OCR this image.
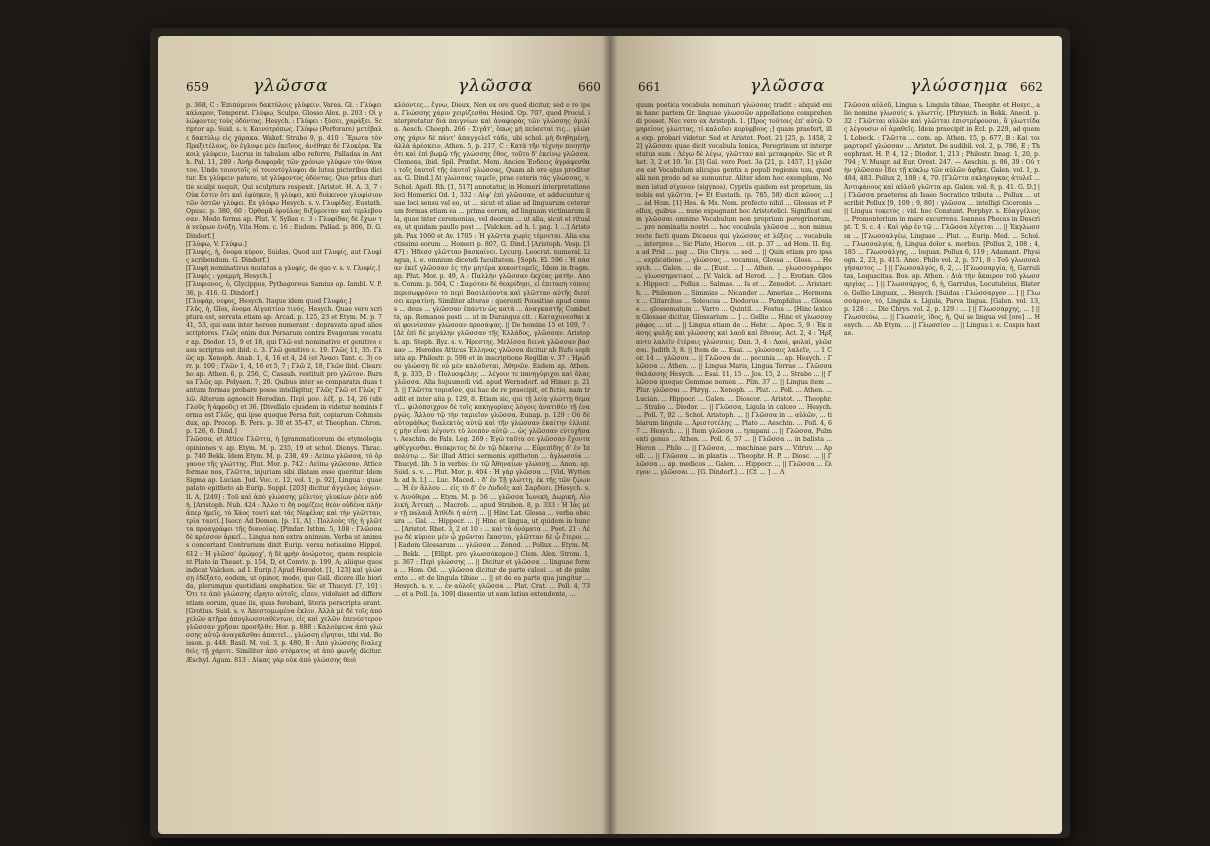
659	γλῶσσα	γλῶσσα	660
p. 368, C : Ἐπιπόμενοι δακτύλοις γλύφειν. Varea. Gl. : Γλύφει κάλαμον, Temperat. Γλύφω, Sculpo. Glosso Alex. p. 203 : Οἱ γλώφοντες τοὺς ὀδόντας. Hesych. : Γλύφει : ξύσει, χαράξει. Scriptor ap. Suid. s. v. Καινοτρόπως. Γλύφω (Perforare) μετέβαλε δακτύλῳ εἰς χάρακα. Wakef. Strabo 9, p. 410 : Ἔρωτα τὸν Πραξιτέλους, ὃν ἐγλυψε μὲν ἐκεῖνος, ἀνέθηκε δὲ Γλυκέρα. Ἐκκοιλ γλύφειν, Lucrus in tabulam albo referre, Palladas in Anth. Pal. 11, 289 : Ἀνὴρ διαφορᾶς τῶν χρόνων γλύφων τὸν θάνατον. Unde τοιουτοῖς οἱ τοιουτόγλυφοι de lutea pictoribus dicitur. Ex γλύφειν patere, ut γλύφοντος ὀδόντας. Quo prius duritie scalpi nequit, Qui sculptura respexit. [Aristot. H. A. 3, 7 : Οὐκ ἔστιν ὅτι καὶ ἐφύηκεν, ἢ γλύφει, καὶ διάκενον γλυφίσιον τῶν ὀστῶν γλύφει. Ex γλύφω Hesych. s. v. Γλυφίδες. Eustath. Opusc. p. 380, 60 : Ὀρθομᾶ ὀρούλας διξύμοιταν καὶ τερλεβουσαν. Modo forma ap. Plut. V. Syllae c. 3 : Γλυφίδας δὲ ἔχων τὰ νεύρων ἐνόξη. Vita Hom. c. 16 : Eudem. Pallad. p. 806, D. G. Dindorf.]
[Γλύφω, V. Γλύφω.]
[Γλυφίς, ἡ, ὄνομα κύρον, Suidas. Quod aut Γλυφίς, aut Γλυφίς scribendum. G. Dindorf.]
[Γλυφὴ nominativus mutatus a γλυφίς, de quo v. s. v. Γλυφίς.]
[Γλυφὶς : γραμμὴ, Hesych.]
[Γλυφιονος, ὁ, Glycippus, Pythagoreus Samius ap. Iambl. V. P. 36, p. 416. G. Dindorf.]
[Γλυφάρ, νεφος, Hesych. Itaque idem quod Γλυφάς.]
Γλῦς, ἡ, Glos, ὄνομα Αἰγυπτίου τινός. Hesych. Quae vero scriptura est, servata etiam ap. Arcad. p. 125, 23 et Etym. M. p. 741, 53, qui eam inter heroes numerant : depravata apud alios scriptores. Γλῶς enim dux Persarum contra Evagoram vocatur ap. Diodor. 15, 9 et 18, qui Γλῶ est nominativo et genitivo casu scriptus est ibid. c. 3. Γλῶ genitivo c. 19. Γλῶς 11, 35. Γλῶς ap. Xenoph. Anab. 1, 4, 16 et 4, 24 (et Ἄνασι Tant. c. 3) corr. p. 100 ; Γλῶν 1, 4, 16 et 5, 7 ; Γλῶ 2, 18, Γλῶν ibid. Clearcho ap. Athen. 6, p. 256, C, Casaub. restituit pro γλῶτον. Bursus Γλῶς ap. Polyaen. 7, 20. Quibus inter se comparatis duas tantum formas probare posse intelligitur, Γλῶς Γλῶ et Γλῶς Γλῶ. Alterum agnoscit Herodian. Περὶ μον. λέξ. p. 14, 26 (ubi Γλοῦς ἢ ἀφροῦς) et 36. [Divellalo cjusdem in videtur nominis forma est Γλῶς, qui ipse quoque Persa fuit, copiarum Cohmsis dux, ap. Procop. B. Pers. p. 30 et 35-47, et Theophan. Chron. p. 126, 6. Dind.]
Γλῶσσα, et Attice Γλῶττα, ἡ [grammaticorum de etymologia opiniones v. ap. Etym. M. p. 235, 19 et schol. Dionys. Thrac. p. 740 Bekk. Idem Etym. M. p. 238, 49 : Λείπω γλῶσσα, τὸ ὄργανον τῆς γλώττης. Plut. Mor. p. 742 : Λείπω γλῶσσαν. Attice formae nos, Γλῶττα, injuriam sibi illatam esse queritur Idem Sigma ap. Lucian. Jud. Voc. c. 12, vol. 1, p. 92], Lingua : quae palato epitheto ab Eurip. Suppl. [203] dicitur ἄγγελος λόγων. Il. A, [249] : Τοῦ καὶ ἀπὸ γλώσσης μέλιτος γλυκίων ῥέεν αὐδή. [Aristoph. Nub. 424 : Ἄλλο τι δὴ νομίζεις θεὸν οὐδένα πλὴν ἅπερ ἡμεῖς, τὸ Χάος τουτὶ καὶ τὰς Νεφέλας καὶ τὴν γλῶτταν, τρία ταυτί.] Isocr. Ad Demon. [p. 11, A] : Πολλοὺς τῆς ἡ γλῶττα προαγράφει τῆς διανοίας. [Pindar. Isthm. 5, 108 : Γλῶσσα δὲ κρέσσον ἀρκεῖ... Lingua non extra animum. Verba ut animus concertant Contrarium dixit Eurip. versu notissimo Hippol. 612 : Ἡ γλῶσσ' ὀμώμοχ', ἡ δὲ φρὴν ἀνώμοτος, quem respicient Plato in Theaet. p. 154, D, et Conviv. p. 199, A; aliique quos indicat Valcken. ad I. Eurip.] Apud Herodot. [1, 123] καὶ γλώσσῃ ἐδέξατο, eodem, ut opinor, modo, quo Gall. dicere ille biorida, plerumque quotidiani emphatice. Sic et Thucyd. [7, 10] : Ὅτι τε ἀπὸ γλώσσης εἴρητο αὐτοῖς, εἶπεν, vidoluiet ad differentiam eorum, quae iis, quas ferebant, literis perscripta erant. [Grotius. Suid. s. v. Ἀπεστομωμένα ἐκλιν. Ἀλλὰ μὲ δὲ τοῖς ἀπό χελῶν κτῆμα ἀπογλωσσιαθέντων, εἰς καὶ χελῶν ἐπενέστερον γλῶσσαν χρῆσαι προσῆλθε: Hor. p. 888 : Καλούμενα ἀπὸ γλώσσης αὐτῷ ἀναγκᾶσθαι ἀπαιτεῖ... γλώσσῃ εἴρηται, tibi vid. Boisson. p. 448. Basil. M. vol. 3, p. 480, B : Ἀπὸ γλώσσης διαλεχθεὶς τῇ χάριτι. Similiter ἀπὸ στόματος et ἀπὸ φωνῆς dicitur. Æschyl. Agam. 813 : Δίκας γὰρ οὐκ ἀπὸ γλώσσης θεοὶ
κλύοντες... ἔγνω, Dieux, Non ex ore quod dicitur, sed e re ipsa. Γλώσσης χάριν χειρίζεσθαι Hesiod. Op. 707, quod Procul. interpretatur διὰ παιγνίων καὶ ἀναφοράς τῶν γλώσσης ὁμιλίᾳ. Aesch. Choeph. 266 : Σιγᾶτ', ὅπως μὴ πεύσεταί τις... γλώσσης χάριν δὲ πάντ' ἀπαγγελεῖ τάδε, ubi schol. μὴ διηθημένῃ, ἀλλὰ ἀρέσκειν. Athen. 5, p. 217, C : Κατὰ τῆν τέχνην ποιητὴν ὅτι καὶ ἐπὶ βωμῷ τῆς γλώσσης ἔθος, τοῦτο δ' ἐκείνῳ γλῶσσα. Clemens, ibid. Spil. Præfat. Mem. Ancien Ἐνδεεις ἀγράφεσθαι τοῖς ἑαυτοῖ τῆς ἑαυτοῖ γλώσσας, Quam ab ore ejus proditeras. G. Dind.] At γλώσσας ταμεῖν, prae ceteris τάς γλώσσας, v. Schol. Apoll. Rh. [1, 517] annotatur, in Homeri interpretatione loci Homerici Od. 1, 332 : Αἰψ' ἐπὶ γλῶσσαν, et adducuntur quae loci sensu vel eo, ut ... sicut et aliae ad linguarum ceterarum formas etiam ea ... prima eorum, ad linguam victimarum illa, quae inter ceremonias, vel deorum ... ut alia, sicut et rituales, ut quidam paullo post ... [Valcken. ad h. l. pag. 1 ...] Aristoph. Pax 1060 et Av. 1705 : Ἡ γλῶττα χωρὶς τέμνεται. Alia exactissimi eorum ... Homeri p. 807, G. Dind.] [Aristoph. Vesp. [347] : Ἡδεσσ γλῶτταν βασκαίνει. Lycurg. Leocrat. numeral. Lingua, i. e. omnium dicendi facultatem. [Soph. El. 596 : Ἡ πάσαν ἐκεῖ γλῶσσαν ἐς τὴν μητέρα κακοστομεῖς, Idem in fragm. ap. Plut. Mor. p. 49, A : Παλλὴν γλῶσσαν ἐκχέας ματήν. Anon. Comm. p. 504, C : Σαμόταν δὲ θεαρίδησι, εἰ ἐπιταση τόποις περισωφρόνιν τὸ περὶ Βασιλεύοντα καὶ γλῶτταν αὐτῆς διεσίσει κερατίνῃ. Similiter alterae : querenti Poissitiae apud comes ... deus ... γλῶσσαν ἐπάντυ ὡς κατὰ ... ἀναγκαστῆς Combetts, ap. Romanos posti ... ut in Durangus cit. : Καταχυνεσθαι καὶ φοινίσσαν γλώσσαν προσάψας. || De homine 15 et 109, 7 : [Δὲ ἐπὶ δὲ μεγάλην γλῶσσαν τῆς Ἑλλάδος, γλῶσσαν. Aristoph. ap. Steph. Byz. s. v. Ἠρεστης. Μελίσσα δεινὰ γλῶσσαν βασκαν ... Herodes Atticus Ἑλληνας γλῶσσα dicitur ab Rufo sophista ap. Philostr. p. 598 et in inscriptione Regillæ v. 37 : Ἡρώδου γλώσσῃ δὲ οὐ μὲν καλοῦνται, Ἀθηνῶν. Eadem ap. Athen. 8, p. 335, D : Πολυσφέλης ... λέγοιν τε πανηγύριχοι καὶ ὅλας γλῶσσα. Alia hujusmodi vid. apud Wernsdorf. ad Himer. p. 213. || Γλῶττα τομιαῖον, qui hac de re praecipit, et fictio, nam tradit et inter alia p. 129, 8. Etiam sic, qui τῇ λείᾳ γλώττῃ θεματῖ... φιλόπσιχρον δὲ τοῖς κακηγορίαις λόγοις ἀνατιθέν τῇ ἐναργώς. Ἄλλου τῷ τὴν ταμιεῖον γλῶσσα. Eunap. p. 129 : Οὐ δὲ αὐτομάθως διαλεκτὸς αὐτῷ καὶ τῆν γλώσσαν ἐκαίτην ἑλλιπὲς μὴν εἶναι λέγοντι τὸ λοιπὸν αὐτῷ ... ὡς γλῶσσαν εὐτυχῆσαι. Aeschin. de Fals. Leg. 269 : Ἐγὼ ταῦτα σε γλῶσσαν ἔχοντα φθέγγεσθαι. Θεόκριτος δὲ ἐν τῷ δέκατῳ ... Εὐριπίδης δ' ἐν Ἱππολύτῳ ... Sic illud Attici sermonis epitheton ... ἀγλωσσία ... Thucyd. lib. 5 in verbis: ἐν τῷ Ἀθηναίων γλώσσῃ ... Anon. ap. Suid. s. v. ... Plut. Mor. p. 404 : Ἡ γὰρ γλῶσσα ... [Vid. Wyttenb. ad h. l.] ... Luc. Maced. : δ' ἐν Τῇ γλώττῃ, ἐκ τῆς τῶν ζῴων ... Ἡ ἐν ἄλλου ... εἰς τὸ δ' ἐν Λυδοῖς καὶ Σαρδεσι. [Hesych. s. v. Λινόθερα ... Etym. M. p. 56 ... γλῶσσα Ἰωνική, Δωρική, Αἰολική, Ἀττική ... Macrob. ... apud Strabon. 8, p. 333 : Ἡ Ἰὰς μὲν τῇ παλαιᾷ Ἀτθίδι ἡ αὐτή ... || Hinc Lat. Glossa ... verba obscura ... Gal. ... Hippocr. ... || Hinc et lingua, ut quidem in hunc ... [Aristot. Rhet. 3, 2 et 10 : ... καὶ τὰ ὀνόματα ... Poet. 21 : Λέγω δὲ κύριον μὲν ᾧ χρῶνται ἕκαστοι, γλῶτταν δὲ ᾧ ἕτεροι ... ] Eadem Glossarum ... γλῶσσα ... Zenod. ... Pollux ... Etym. M. ... Bekk. ... [Ellipt. pro γλωσσόκομον.] Clem. Alex. Strom. 1, p. 367 : Περὶ γλώσσης ... || Dicitur et γλῶσσα ... linguae forma ... Hom. Od. ... γλῶσσα dicitur de parte calcei ... et de pulmento ... et de lingula tibiae ... || et de ea parte qua jungitur ... Hesych. s. v. ... ἐν αὐλοῖς γλῶσσα ... Plat. Crat. ... Poll. 4, 73 ... et a Poll. [a. 109] dissentio ut eam latius extendente, ...
661	γλῶσσα	γλώσσημα 662
quum poetica vocabula nominari γλώσσας tradit : aliquid enim hanc partem Gr. linguae γλωσσῶν appellatione comprehendi posset. Nec vero ex Aristoph. 1. [Προς τούτοις ἐπ' αὐτῷ. Ὁμηρείους γλώττας, τί καλοῦσι κορύμβους ;] quam praefert, illa exp. probari videtur. Sed et Aristot. Poet. 21 [25, p. 1458, 22] γλῶσσαι quae dicit vocabula Ionica, Peregrinum ut interpretatus sum : Λέγω δὲ λέγω, γλῶτταν καὶ μεταφοράν. Sic et Rhet. 3, 2 et 10. Ἰσ. [3] Gal. vero Poet. 3a [21, p. 1457, 1] γλῶσσα est Vocabulum alicujus gentis a populi regionis usu, quod alii non prodo ad se sumuntur. Aliter idem hoc exemplum, Nomen istud σίγυνον (sigynos), Cypriis quidem est proprium, iis nobis est γλῶττα. [= Et Eustath. (p. 785, 58) dicit κῶνος ...] ... ad Hom. [1] Hes. & Ms. Nom. profecto nihil ... Glossas et Pollux, quibus ... nune expugnant hoc Aristotelici. Significat enim γλῶσσαι omnino Vocabulum non proprium peregrinorum, ... pro nominatis nostri ... hoc vocabula γλῶσσα ... non minus recte facti quam Dicaeus qui γλώσσας et λέξεις ... vocabula ... interpres ... Sic Plato, Hieron ... cit. p. 37 ... ad Hom. II. Eq. a ad Prid ... pag ... Dio Chrys. ... sed ... || Quin etiam pro ipsa ... explicatione ... γλώσσας ... vocamus, Glossa ... Gloss. ... Hesych. ... Galen. ... de ... [Eust. ... ] ... Athen. ... γλωσσογράφοι ... γλωσσηματικοί ... [V. Valck. ad Herod. ... ] ... Erotian. Gloss. Hippocr. ... Pollux ... Salmas. ... Is et ... Zenodot. ... Aristarch. ... Philemon ... Simmias ... Nicander ... Amerias ... Hermonax ... Clitarchus ... Seleucus ... Diodorus ... Pamphilus ... Glossae ... glossematum ... Varro ... Quintil. ... Festus ... [Hinc lexicon Glossae dicitur, Glossarium ... ] ... Gellio ... Hinc et γλωσσογράφος ... ut ... || Lingua etiam de ... Hebr. ... Apoc. 5, 9 : Ἐκ πάσης φυλῆς καὶ γλώσσης καὶ λαοῦ καὶ ἔθνους. Act. 2, 4 : Ἤρξαντο λαλεῖν ἑτέραις γλώσσαις. Dan. 3, 4 : Λαοὶ, φυλαὶ, γλῶσσαι. Judith 3, 8. || Item de ... Esai. ... γλώσσαις λαλεῖν, ... 1 Cor. 14 ... γλῶσσα ... || Γλῶσσα de ... pecunia ... ap. Hesych. : Γλῶσσα ... Athen. ... || Lingua Maris, Lingua Terrae ... Γλῶσσα θαλάσσης Hesych. ... Esai. 11, 15 ... Jos. 15, 2 ... Strabo ... || Γλῶσσα quoque Gemmae nomen ... Plin. 37 ... || Lingua item ... Plur. γλῶσσαι ... Phryg. ... Xenoph. ... Plut. ... Poll. ... Athen. ... Lucian. ... Hippocr. ... Galen. ... Dioscor. ... Aristot. ... Theophr. ... Strabo ... Diodor. ... || Γλῶσσα, Ligula in calceo ... Hesych. ... Poll. 7, 92 ... Schol. Aristoph. ... || Γλῶσσα in ... αὐλῶν, ... tibiarum lingula ... Ἀριστοτέλης ... Plato ... Aeschin. ... Poll. 4, 67 ... Hesych. ... || Item γλῶσσα ... tympani ... || Γλῶσσα, Pulmenti genus ... Athen. ... Poll. 6, 57 ... || Γλῶσσα ... in balista ... Heron ... Philo ... || Γλῶσσα, ... machinae pars ... Vitruv. ... Apoll. ... || Γλῶσσα ... in plantis ... Theophr. H. P. ... Diosc. ... || Γλῶσσα ... ap. medicos ... Galen. ... Hippocr. ... || Γλῶσσα ... ἔλεγον ... γλῶσσαι ... [G. Dindorf.] ... [Cf. ... ] ... Λ
Γλῶσσα αὐλοῦ, Lingua s. Lingula tibiae, Theophr. et Hesyc., alio nomine γλωσσίς s. γλωττίς. [Phrynich. in Bekk. Anecd. p. 32 : Γλῶτται αὐλῶν καὶ γλῶτται ἐπιστρέφουσαι, ἃ γλωττίδας λέγουσιν οἱ ἀμαθεῖς. Idem praecipit in Ecl. p. 229, ad quem I. Lobeck. : Γλῶττα ... com. ap. Athen. 15, p. 677, B : Καὶ τοι μαρτυρεῖ γλώσσαν ... Aristot. De audibil. vol. 2, p. 786, E ; Theophrast. H. P. 4, 12 ; Diodor. 1, 213 ; Philostr. Imag. 1, 20, p. 794 ; V. Musgr. ad Eur. Orest. 247. — Aeschin. p. 86, 39 : Οὐ τὴν γλῶσσαν ἔδει τῇ κύκλῳ τῶν αὐλῶν ἀφῆκε. Galen. vol. 1, p. 484, 483. Pollux 2, 108 ; 4, 70. [Γλῶττα σκληρυγκας ἀτυλεῖ ... Ἀντιφάνους καὶ αὐλοῦ γλῶττα ap. Galen. vol. 8, p. 41. G. D.] || Γλῶσσα praeterea ab Isaeo Socratico tributa ... Pollux ... ut scribit Pollux [9, 109 ; 9, 80] : γλῶσσα ... intelligi Ciceronis ... || Lingua τοκετός : vid. hoc Constant. Porphyr. s. Εὐαγγέλιος ... Promontorium in mare excurrens. Ioannes Phocas in Descript. T. S. c. 4 : Καὶ γὰρ ἐν τῷ ... Γλῶσσα λέγεται ... || Ἐκγλωσσια ... [Γλωσσαλγέω, Linguae ... Plut. ... Eurip. Med. ... Schol. ... Γλωσσαλγία, ἡ, Lingua dolor s. morbus. [Pollux 2, 108 ; 4, 185 ... Γλωσσάλγης, ... loquax. Pollux 6, 119 ; Adamant. Physiogn. 2, 23, p. 415. Anec. Philo vol. 2, p. 571, 8 : Τοῦ γλωσσαλγήσαντος ... ] || Γλωσσαλγός, 6, 2, ... [Γλωσσαργία, ἡ, Garrulitas, Loquacitas. Bos. ap. Athen. : Διὰ τὴν ἄκαιρον τοῦ γλωσσαργίας ... ] || Γλωσσάργος, 6, ἡ, Garrulus, Locutuleius, Blatero. Gellio Linguax, ... Hesych. [Suidas : Γλώσσαργον ... ] || Γλωσσάριον, τό, Lingula s. Ligula, Parva lingua. [Galen. vol. 13, p. 128 : ... Dio Chrys. vol. 2, p. 129 : ... ] || Γλωσσάρχης, ... ] || Γλωσσεύω, ... || Γλωσσίς, ἰδος, ἡ, Qui se lingua vel [ore] ... Hesych. ... Ab Etym. ... || Γλωσσίον ... || Lingua i. e. Cuspis hastae.
